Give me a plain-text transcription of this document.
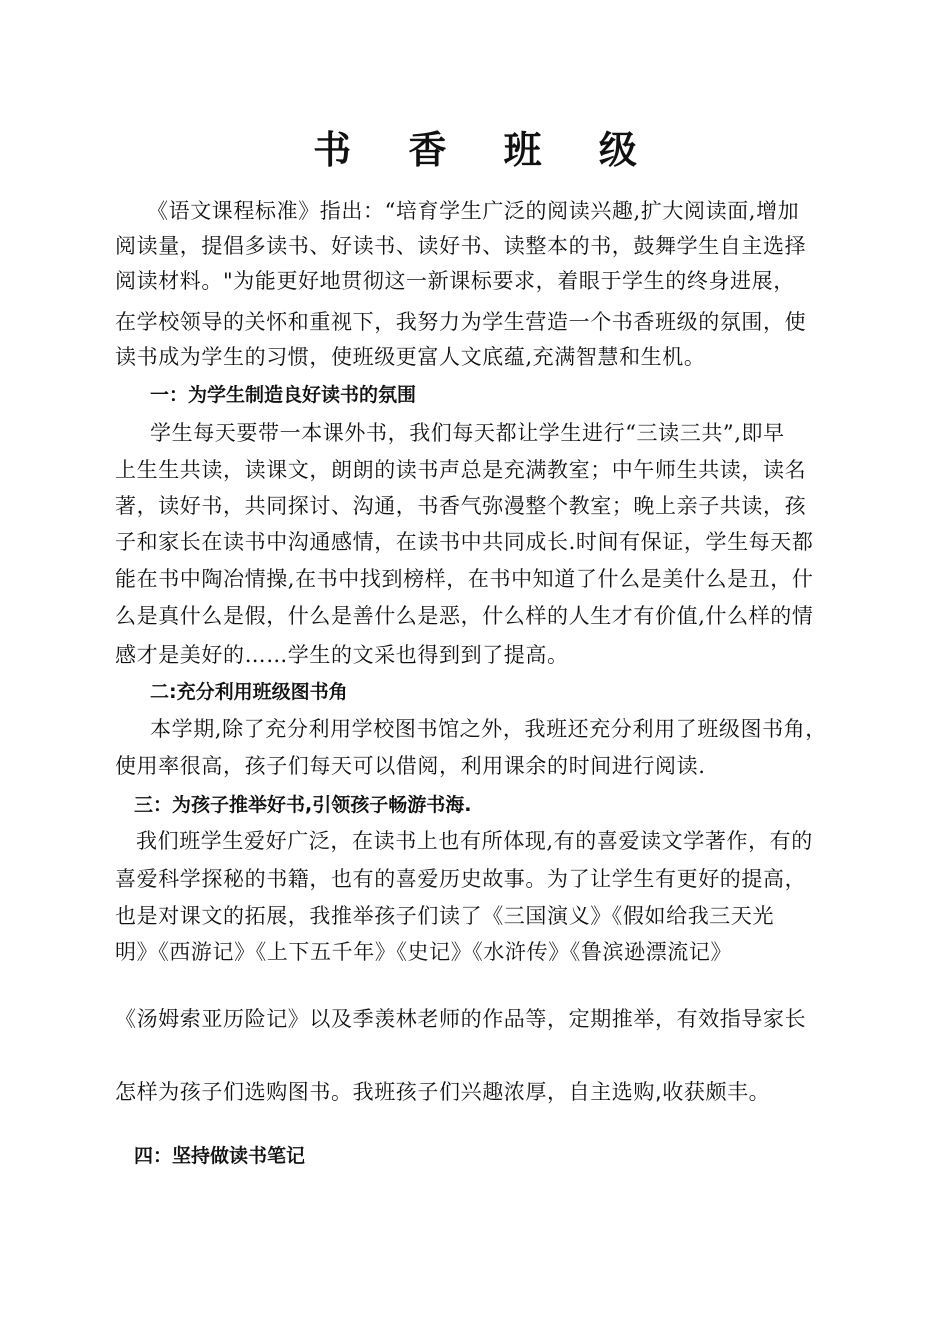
书 香 班 级
《语文课程标准》指出：“培育学生广泛的阅读兴趣,扩大阅读面,增加
阅读量，提倡多读书、好读书、读好书、读整本的书，鼓舞学生自主选择
阅读材料。"为能更好地贯彻这一新课标要求，着眼于学生的终身进展，
在学校领导的关怀和重视下，我努力为学生营造一个书香班级的氛围，使
读书成为学生的习惯，使班级更富人文底蕴,充满智慧和生机。
一：为学生制造良好读书的氛围
学生每天要带一本课外书，我们每天都让学生进行“三读三共”,即早
上生生共读，读课文，朗朗的读书声总是充满教室；中午师生共读，读名
著，读好书，共同探讨、沟通，书香气弥漫整个教室；晚上亲子共读，孩
子和家长在读书中沟通感情，在读书中共同成长.时间有保证，学生每天都
能在书中陶冶情操,在书中找到榜样，在书中知道了什么是美什么是丑，什
么是真什么是假，什么是善什么是恶，什么样的人生才有价值,什么样的情
感才是美好的……学生的文采也得到到了提高。
二:充分利用班级图书角
本学期,除了充分利用学校图书馆之外，我班还充分利用了班级图书角，
使用率很高，孩子们每天可以借阅，利用课余的时间进行阅读.
三：为孩子推举好书,引领孩子畅游书海.
我们班学生爱好广泛，在读书上也有所体现,有的喜爱读文学著作，有的
喜爱科学探秘的书籍，也有的喜爱历史故事。为了让学生有更好的提高，
也是对课文的拓展，我推举孩子们读了《三国演义》《假如给我三天光
明》《西游记》《上下五千年》《史记》《水浒传》《鲁滨逊漂流记》
《汤姆索亚历险记》以及季羡林老师的作品等，定期推举，有效指导家长
怎样为孩子们选购图书。我班孩子们兴趣浓厚，自主选购,收获颇丰。
四：坚持做读书笔记
